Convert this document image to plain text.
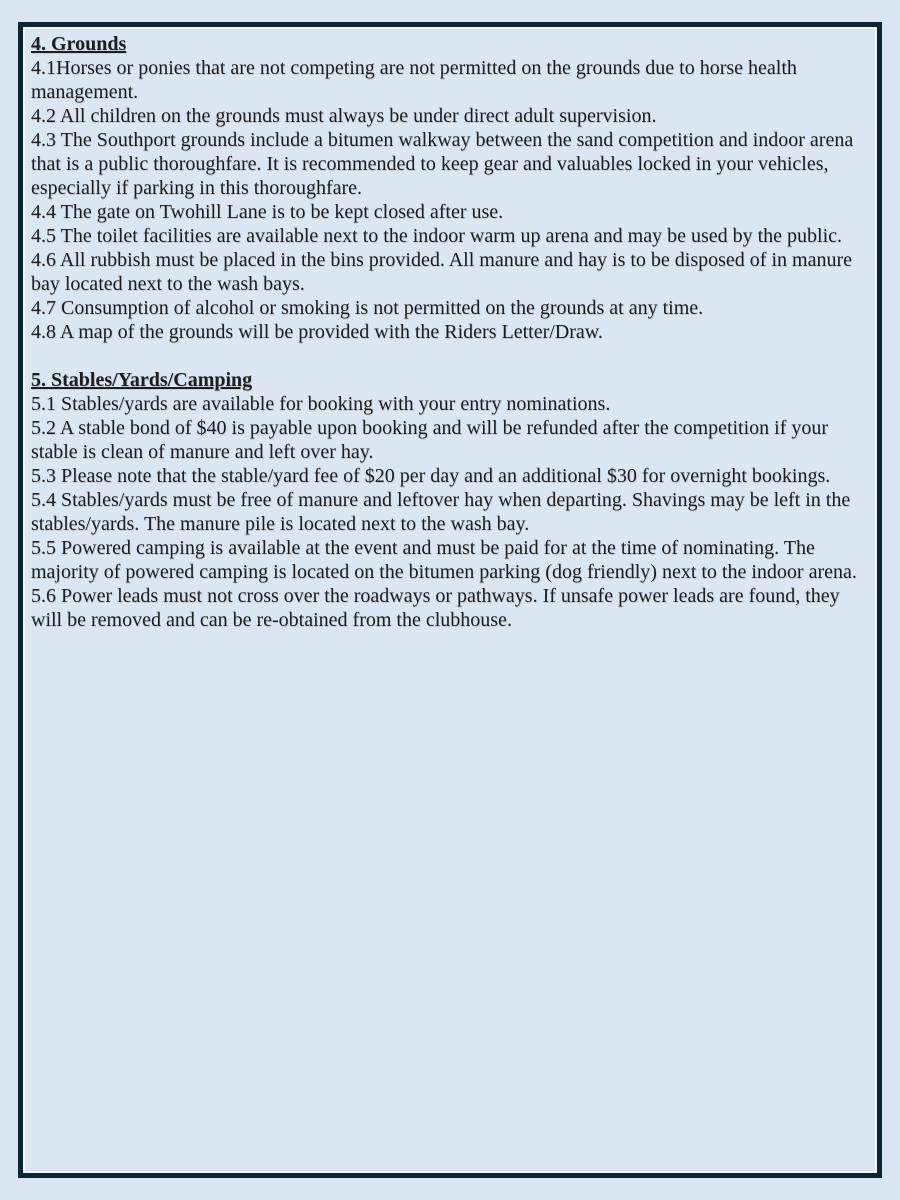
4. Grounds

4.1Horses or ponies that are not competing are not permitted on the grounds due to horse health management.

4.2 All children on the grounds must always be under direct adult supervision.

4.3 The Southport grounds include a bitumen walkway between the sand competition and indoor arena that is a public thoroughfare. It is recommended to keep gear and valuables locked in your vehicles, especially if parking in this thoroughfare.

4.4 The gate on Twohill Lane is to be kept closed after use.

4.5 The toilet facilities are available next to the indoor warm up arena and may be used by the public.

4.6 All rubbish must be placed in the bins provided. All manure and hay is to be disposed of in manure bay located next to the wash bays.

4.7 Consumption of alcohol or smoking is not permitted on the grounds at any time.

4.8 A map of the grounds will be provided with the Riders Letter/Draw.

5. Stables/Yards/Camping

5.1 Stables/yards are available for booking with your entry nominations.

5.2 A stable bond of $40 is payable upon booking and will be refunded after the competition if your stable is clean of manure and left over hay.

5.3 Please note that the stable/yard fee of $20 per day and an additional $30 for overnight bookings.

5.4 Stables/yards must be free of manure and leftover hay when departing. Shavings may be left in the stables/yards. The manure pile is located next to the wash bay.

5.5 Powered camping is available at the event and must be paid for at the time of nominating. The majority of powered camping is located on the bitumen parking (dog friendly) next to the indoor arena.

5.6 Power leads must not cross over the roadways or pathways. If unsafe power leads are found, they will be removed and can be re-obtained from the clubhouse.
